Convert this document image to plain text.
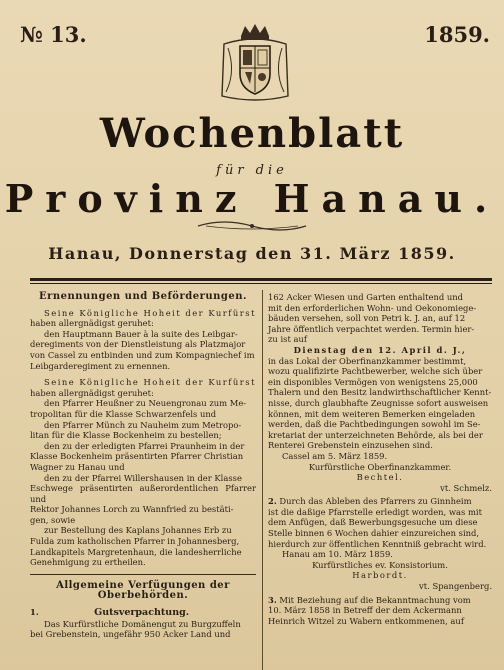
№ 13.	1859.
Wochenblatt
für die
Provinz Hanau.
Hanau, Donnerstag den 31. März 1859.
Ernennungen und Beförderungen.

Seine Königliche Hoheit der Kurfürst

haben allergnädigst geruhet:

den Hauptmann Bauer à la suite des Leibgar-

deregiments von der Dienstleistung als Platzmajor

von Cassel zu entbinden und zum Kompagniechef im

Leibgarderegiment zu ernennen.

Seine Königliche Hoheit der Kurfürst

haben allergnädigst geruhet:

den Pfarrer Heußner zu Neuengronau zum Me-

tropolitan für die Klasse Schwarzenfels und

den Pfarrer Münch zu Nauheim zum Metropo-

litan für die Klasse Bockenheim zu bestellen;

den zu der erledigten Pfarrei Praunheim in der

Klasse Bockenheim präsentirten Pfarrer Christian

Wagner zu Hanau und

den zu der Pfarrei Willershausen in der Klasse

Eschwege präsentirten außerordentlichen Pfarrer und

Rektor Johannes Lorch zu Wannfried zu bestäti-

gen, sowie

zur Bestellung des Kaplans Johannes Erb zu

Fulda zum katholischen Pfarrer in Johannesberg,

Landkapitels Margretenhaun, die landesherrliche

Genehmigung zu ertheilen.

Allgemeine Verfügungen der Oberbehörden.

1.	Gutsverpachtung.

Das Kurfürstliche Domänengut zu Burgzuffeln

bei Grebenstein, ungefähr 950 Acker Land und

162 Acker Wiesen und Garten enthaltend und

mit den erforderlichen Wohn- und Oekonomiege-

bäuden versehen, soll von Petri k. J. an, auf 12

Jahre öffentlich verpachtet werden. Termin hier-

zu ist auf

Dienstag den 12. April d. J.,

in das Lokal der Oberfinanzkammer bestimmt,

wozu qualifizirte Pachtbewerber, welche sich über

ein disponibles Vermögen von wenigstens 25,000

Thalern und den Besitz landwirthschaftlicher Kennt-

nisse, durch glaubhafte Zeugnisse sofort ausweisen

können, mit dem weiteren Bemerken eingeladen

werden, daß die Pachtbedingungen sowohl im Se-

kretariat der unterzeichneten Behörde, als bei der

Renterei Grebenstein einzusehen sind.

Cassel am 5. März 1859.

Kurfürstliche Oberfinanzkammer.

Bechtel.

vt. Schmelz.

2. Durch das Ableben des Pfarrers zu Ginnheim

ist die daßige Pfarrstelle erledigt worden, was mit

dem Anfügen, daß Bewerbungsgesuche um diese

Stelle binnen 6 Wochen dahier einzureichen sind,

hierdurch zur öffentlichen Kenntniß gebracht wird.

Hanau am 10. März 1859.

Kurfürstliches ev. Konsistorium.

Harbordt.

vt. Spangenberg.

3. Mit Beziehung auf die Bekanntmachung vom

10. März 1858 in Betreff der dem Ackermann

Heinrich Witzel zu Wabern entkommenen, auf
